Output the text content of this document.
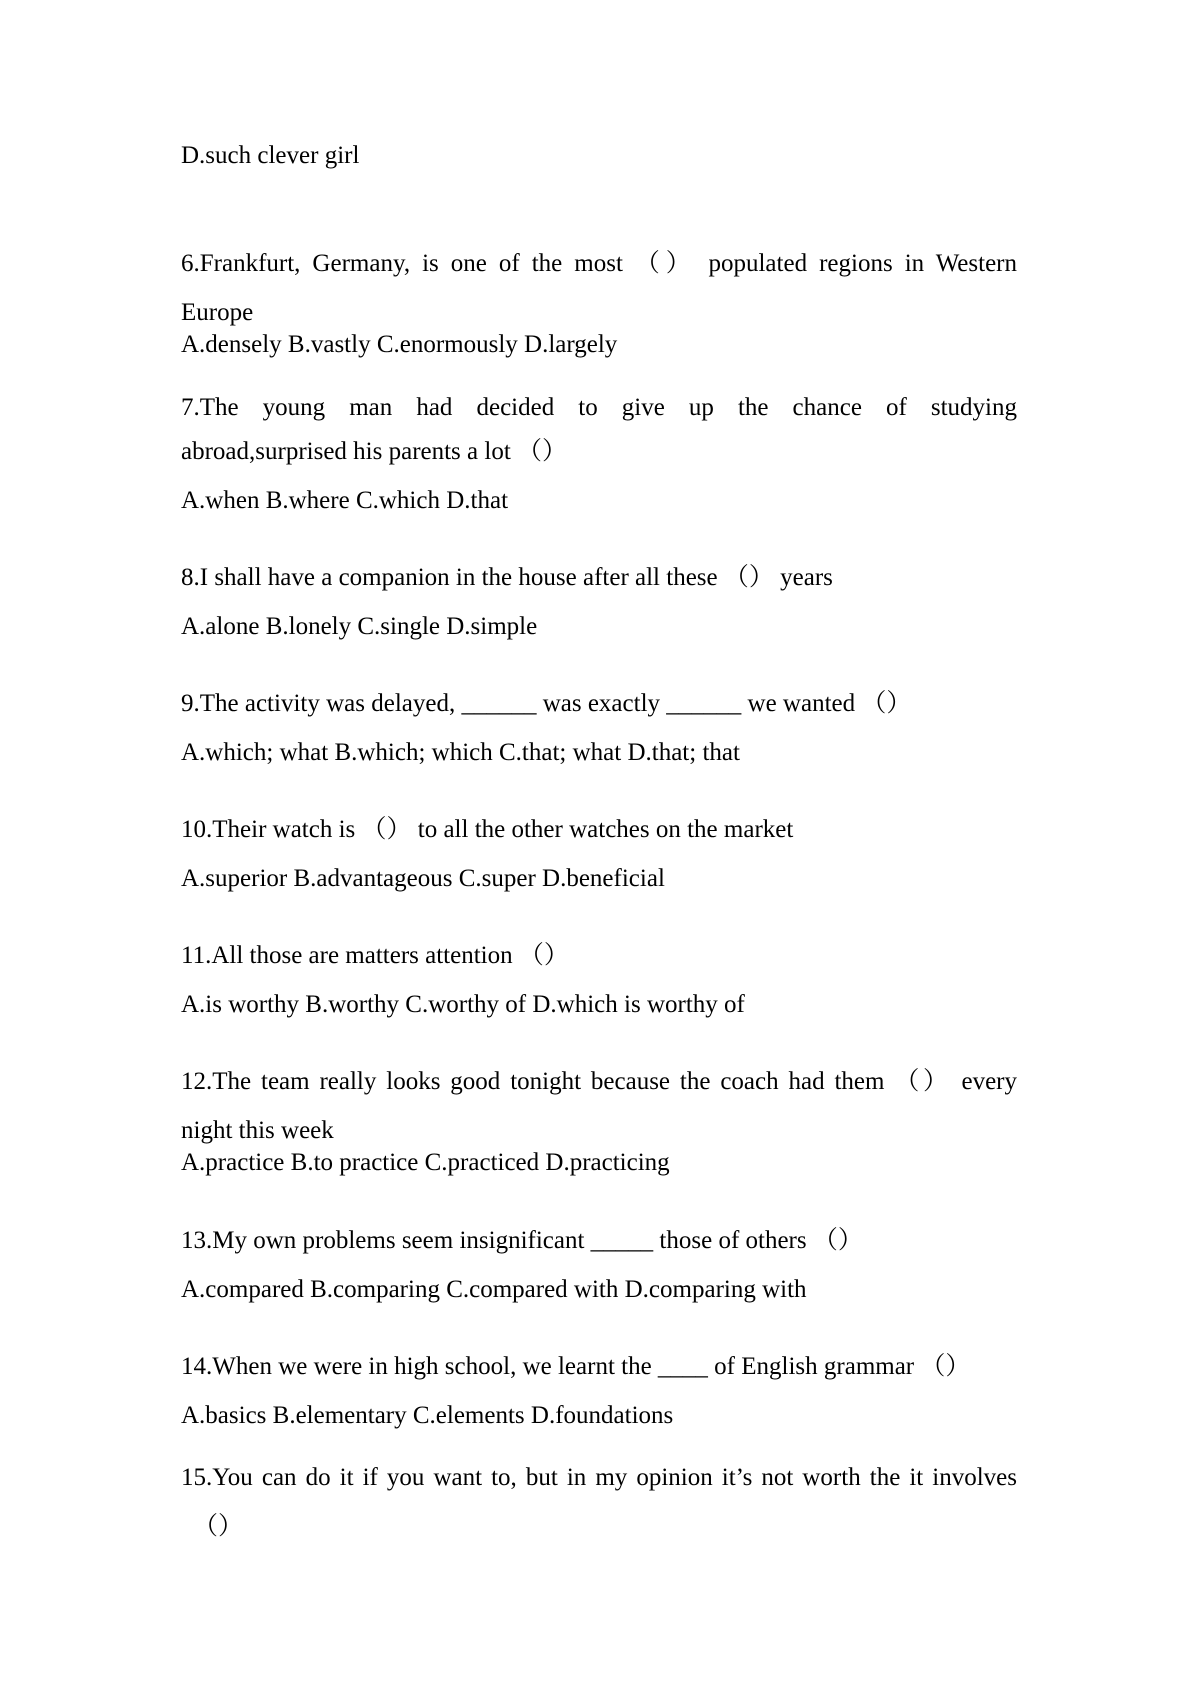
D.such clever girl
6.Frankfurt, Germany, is one of the most （） populated regions in Western
Europe
A.densely B.vastly C.enormously D.largely
7.The young man had decided to give up the chance of studying
abroad,surprised his parents a lot （）
A.when B.where C.which D.that
8.I shall have a companion in the house after all these （） years
A.alone B.lonely C.single D.simple
9.The activity was delayed, ______ was exactly ______ we wanted （）
A.which; what B.which; which C.that; what D.that; that
10.Their watch is （） to all the other watches on the market
A.superior B.advantageous C.super D.beneficial
11.All those are matters attention （）
A.is worthy B.worthy C.worthy of D.which is worthy of
12.The team really looks good tonight because the coach had them （） every
night this week
A.practice B.to practice C.practiced D.practicing
13.My own problems seem insignificant _____ those of others （）
A.compared B.comparing C.compared with D.comparing with
14.When we were in high school, we learnt the ____ of English grammar （）
A.basics B.elementary C.elements D.foundations
15.You can do it if you want to, but in my opinion it’s not worth the it involves
（）
